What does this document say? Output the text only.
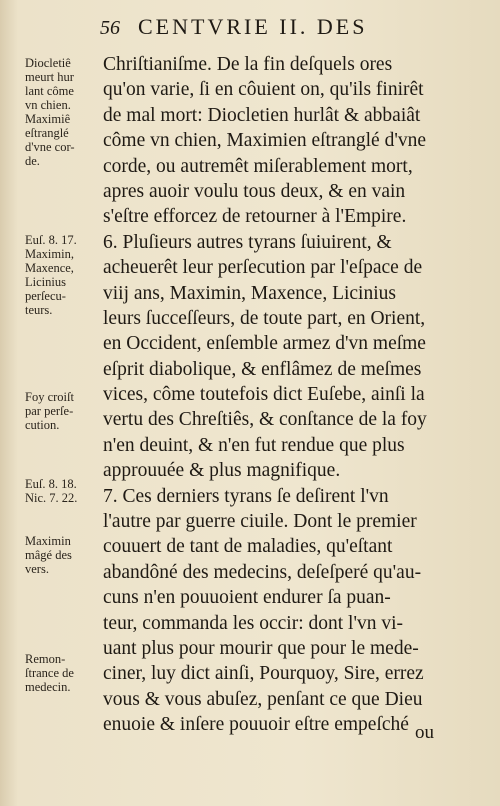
56 CENTVRIE II. DES
Chriſtianiſme. De la fin deſquels ores
qu'on varie, ſi en côuient on, qu'ils finirêt
de mal mort: Diocletien hurlât & abbaiât
côme vn chien, Maximien eſtranglé d'vne
corde, ou autremêt miſerablement mort,
apres auoir voulu tous deux, & en vain
s'eſtre efforcez de retourner à l'Empire.
6. Pluſieurs autres tyrans ſuiuirent, &
acheuerêt leur perſecution par l'eſpace de
viij ans, Maximin, Maxence, Licinius
leurs ſucceſſeurs, de toute part, en Orient,
en Occident, enſemble armez d'vn meſme
eſprit diabolique, & enflâmez de meſmes
vices, côme toutefois dict Euſebe, ainſi la
vertu des Chreſtiês, & conſtance de la foy
n'en deuint, & n'en fut rendue que plus
approuuée & plus magnifique.
7. Ces derniers tyrans ſe deſirent l'vn
l'autre par guerre ciuile. Dont le premier
couuert de tant de maladies, qu'eſtant
abandôné des medecins, deſeſperé qu'au-
cuns n'en pouuoient endurer ſa puan-
teur, commanda les occir: dont l'vn vi-
uant plus pour mourir que pour le mede-
ciner, luy dict ainſi, Pourquoy, Sire, errez
vous & vous abuſez, penſant ce que Dieu
enuoie & inſere pouuoir eſtre empeſché
Diocletiê
meurt hur
lant côme
vn chien.
Maximiê
eſtranglé
d'vne cor-
de.
Euſ. 8. 17.
Maximin,
Maxence,
Licinius
perſecu-
teurs.
Foy croiſt
par perſe-
cution.
Euſ. 8. 18.
Nic. 7. 22.
Maximin
mâgé des
vers.
Remon-
ſtrance de
medecin.
ou
